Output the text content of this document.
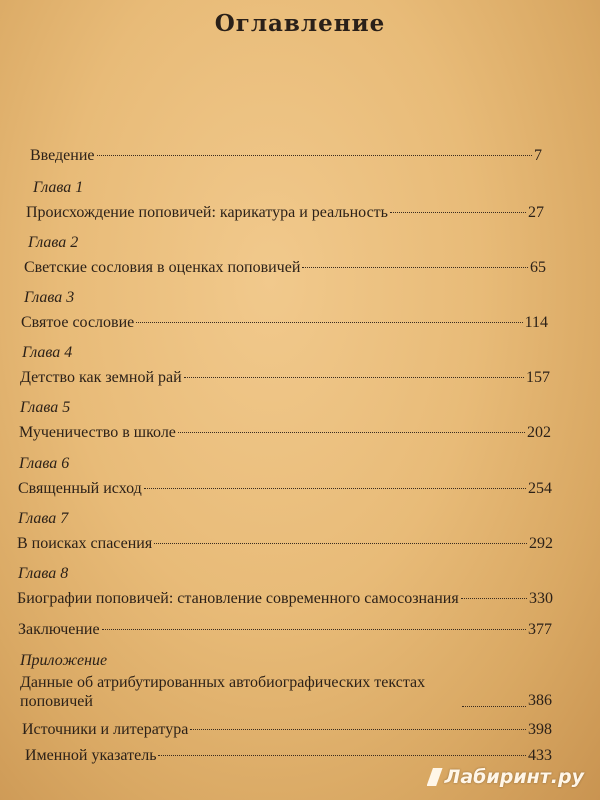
Оглавление
Введение	7
Глава 1
Происхождение поповичей: карикатура и реальность	27
Глава 2
Светские сословия в оценках поповичей	65
Глава 3
Святое сословие	114
Глава 4
Детство как земной рай	157
Глава 5
Мученичество в школе	202
Глава 6
Священный исход	254
Глава 7
В поисках спасения	292
Глава 8
Биографии поповичей: становление современного самосознания	330
Заключение	377
Приложение
Данные об атрибутированных автобиографических текстах поповичей	386
Источники и литература	398
Именной указатель	433
Лабиринт.ру
